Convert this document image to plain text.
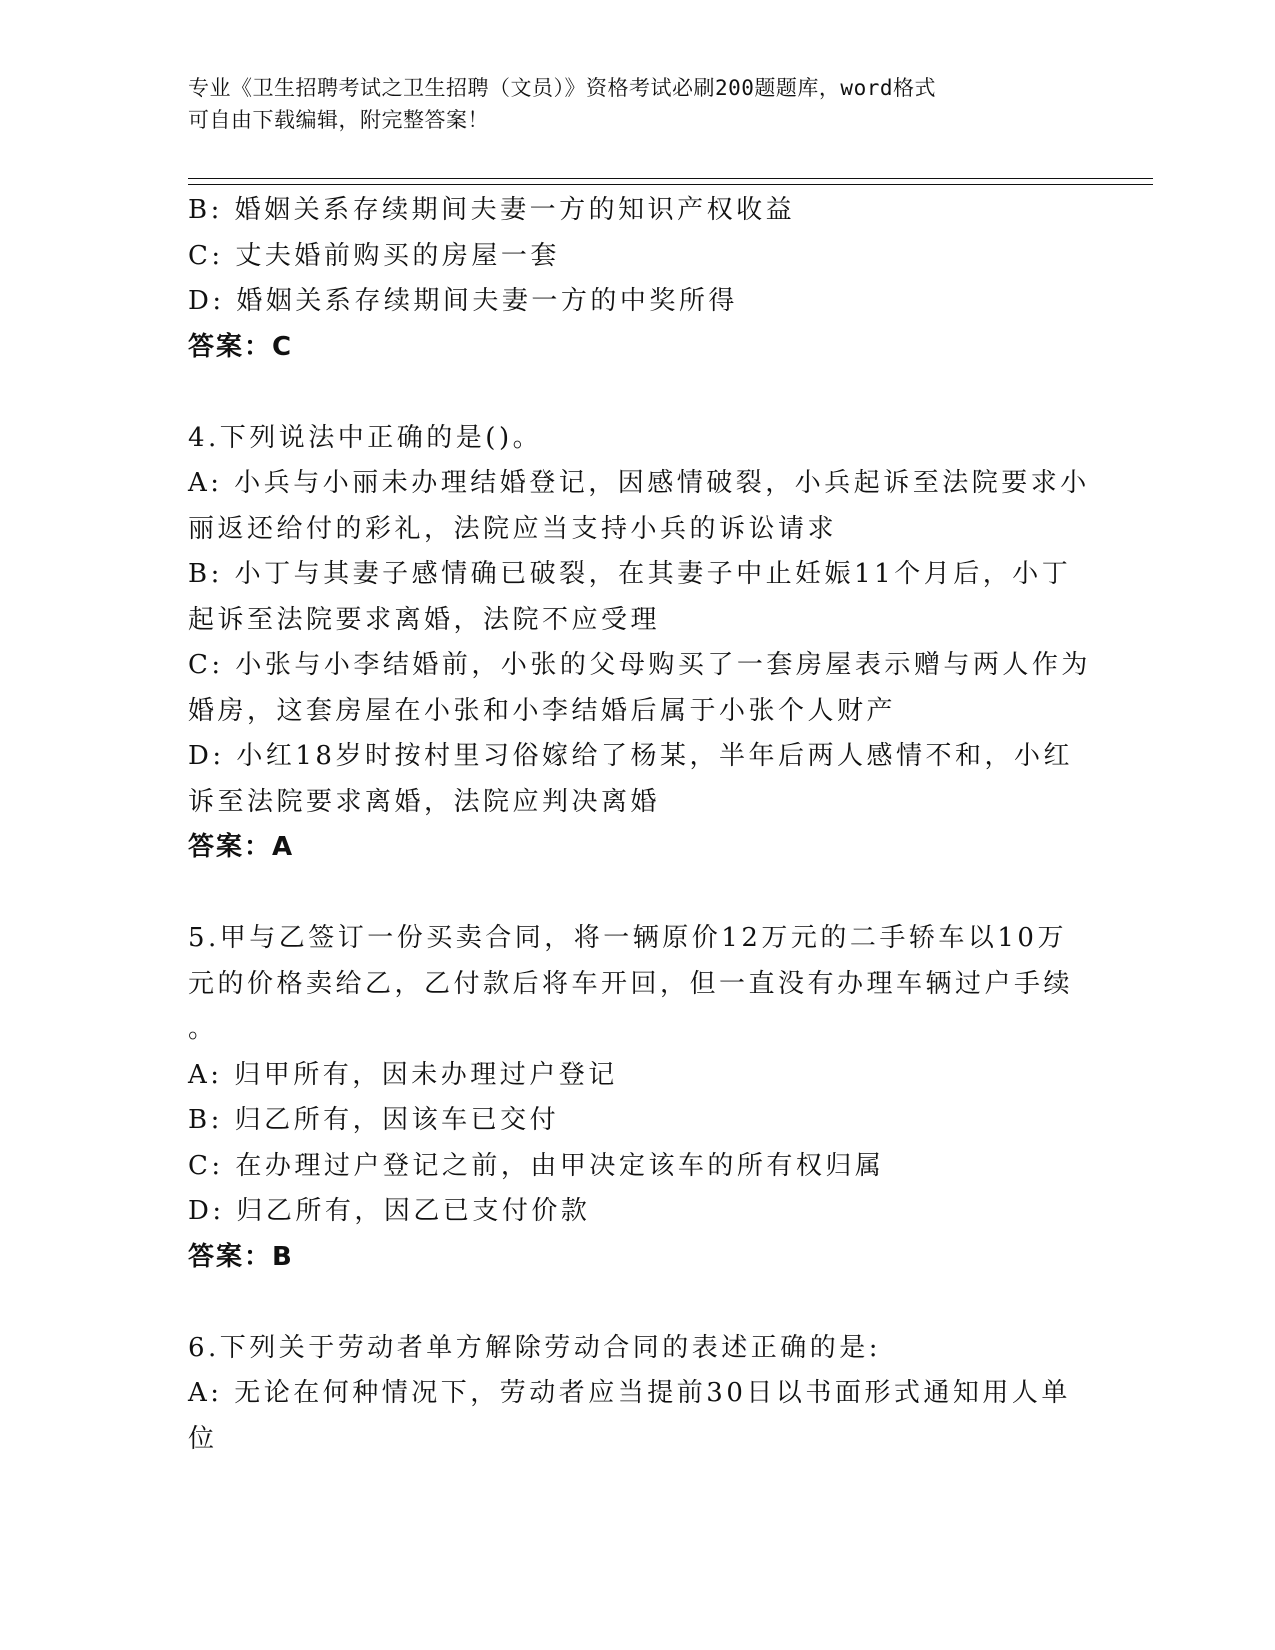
专业《卫生招聘考试之卫生招聘（文员）》资格考试必刷200题题库，word格式
可自由下载编辑，附完整答案！
B: 婚姻关系存续期间夫妻一方的知识产权收益
C: 丈夫婚前购买的房屋一套
D: 婚姻关系存续期间夫妻一方的中奖所得
答案：C
4.下列说法中正确的是()。
A: 小兵与小丽未办理结婚登记，因感情破裂，小兵起诉至法院要求小
丽返还给付的彩礼，法院应当支持小兵的诉讼请求
B: 小丁与其妻子感情确已破裂，在其妻子中止妊娠11个月后，小丁
起诉至法院要求离婚，法院不应受理
C: 小张与小李结婚前，小张的父母购买了一套房屋表示赠与两人作为
婚房，这套房屋在小张和小李结婚后属于小张个人财产
D: 小红18岁时按村里习俗嫁给了杨某，半年后两人感情不和，小红
诉至法院要求离婚，法院应判决离婚
答案：A
5.甲与乙签订一份买卖合同，将一辆原价12万元的二手轿车以10万
元的价格卖给乙，乙付款后将车开回，但一直没有办理车辆过户手续
。
A: 归甲所有，因未办理过户登记
B: 归乙所有，因该车已交付
C: 在办理过户登记之前，由甲决定该车的所有权归属
D: 归乙所有，因乙已支付价款
答案：B
6.下列关于劳动者单方解除劳动合同的表述正确的是:
A: 无论在何种情况下，劳动者应当提前30日以书面形式通知用人单
位
